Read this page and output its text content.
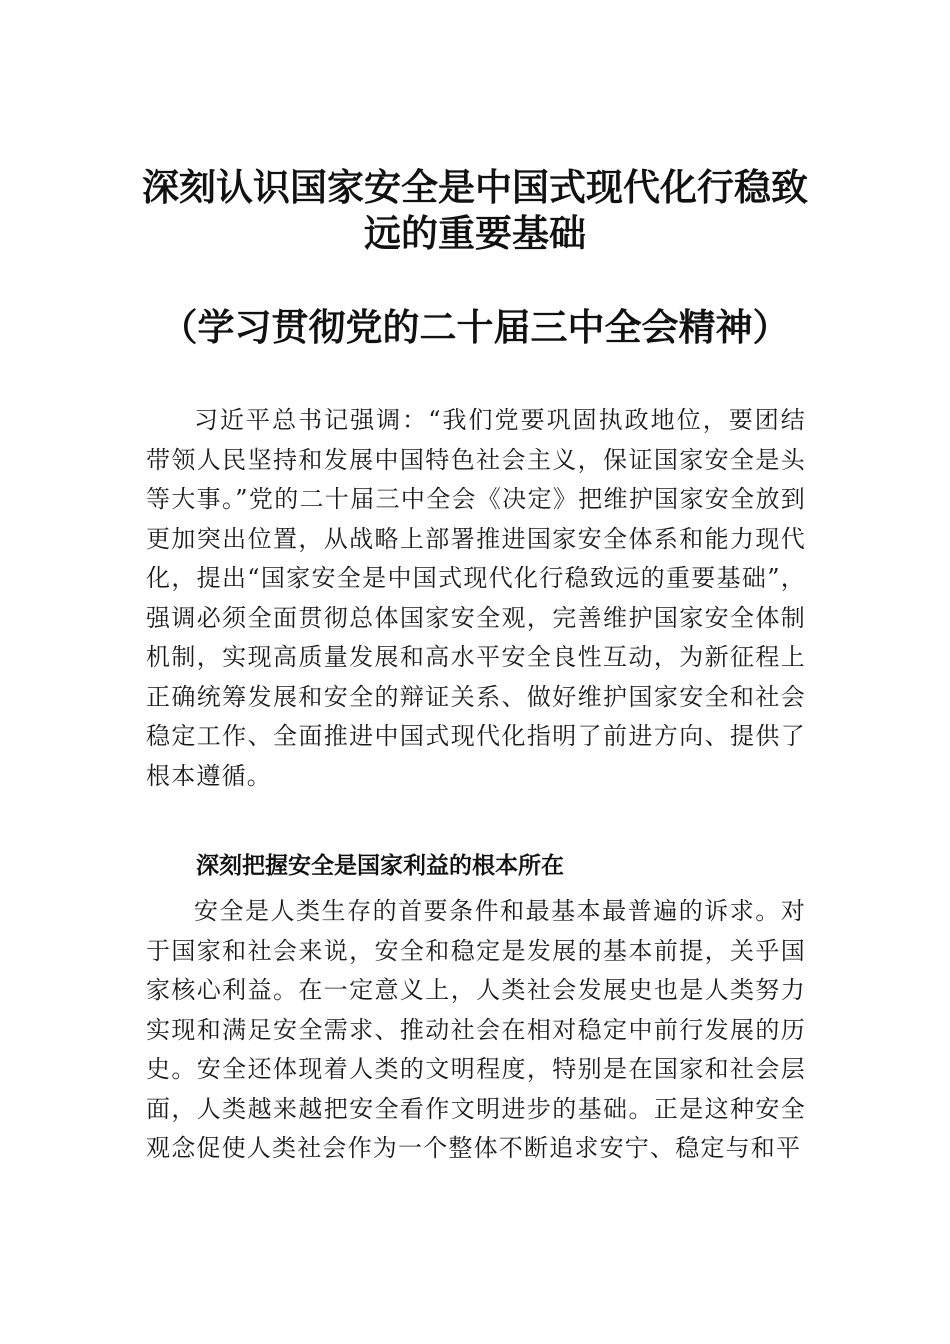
深刻认识国家安全是中国式现代化行稳致
远的重要基础
（学习贯彻党的二十届三中全会精神）

习近平总书记强调：“我们党要巩固执政地位，要团结带领人民坚持和发展中国特色社会主义，保证国家安全是头等大事。”党的二十届三中全会《决定》把维护国家安全放到更加突出位置，从战略上部署推进国家安全体系和能力现代化，提出“国家安全是中国式现代化行稳致远的重要基础”，强调必须全面贯彻总体国家安全观，完善维护国家安全体制机制，实现高质量发展和高水平安全良性互动，为新征程上正确统筹发展和安全的辩证关系、做好维护国家安全和社会稳定工作、全面推进中国式现代化指明了前进方向、提供了根本遵循。

深刻把握安全是国家利益的根本所在

安全是人类生存的首要条件和最基本最普遍的诉求。对于国家和社会来说，安全和稳定是发展的基本前提，关乎国家核心利益。在一定意义上，人类社会发展史也是人类努力实现和满足安全需求、推动社会在相对稳定中前行发展的历史。安全还体现着人类的文明程度，特别是在国家和社会层面，人类越来越把安全看作文明进步的基础。正是这种安全观念促使人类社会作为一个整体不断追求安宁、稳定与和平
